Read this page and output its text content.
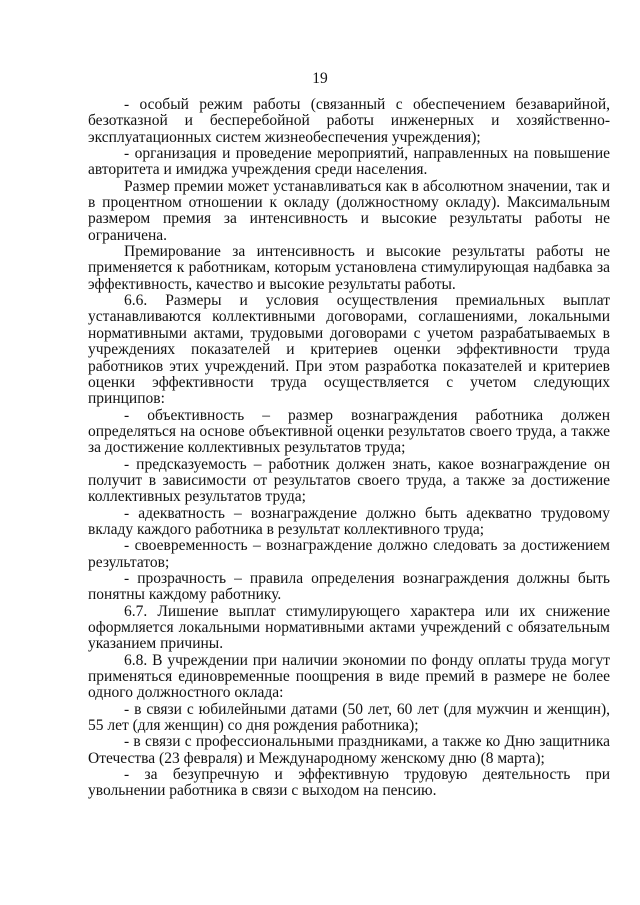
19

- особый режим работы (связанный с обеспечением безаварийной, безотказной и бесперебойной работы инженерных и хозяйственно-эксплуатационных систем жизнеобеспечения учреждения);

- организация и проведение мероприятий, направленных на повышение авторитета и имиджа учреждения среди населения.

Размер премии может устанавливаться как в абсолютном значении, так и в процентном отношении к окладу (должностному окладу). Максимальным размером премия за интенсивность и высокие результаты работы не ограничена.

Премирование за интенсивность и высокие результаты работы не применяется к работникам, которым установлена стимулирующая надбавка за эффективность, качество и высокие результаты работы.

6.6. Размеры и условия осуществления премиальных выплат устанавливаются коллективными договорами, соглашениями, локальными нормативными актами, трудовыми договорами с учетом разрабатываемых в учреждениях показателей и критериев оценки эффективности труда работников этих учреждений. При этом разработка показателей и критериев оценки эффективности труда осуществляется с учетом следующих принципов:

- объективность – размер вознаграждения работника должен определяться на основе объективной оценки результатов своего труда, а также за достижение коллективных результатов труда;

- предсказуемость – работник должен знать, какое вознаграждение он получит в зависимости от результатов своего труда, а также за достижение коллективных результатов труда;

- адекватность – вознаграждение должно быть адекватно трудовому вкладу каждого работника в результат коллективного труда;

- своевременность – вознаграждение должно следовать за достижением результатов;

- прозрачность – правила определения вознаграждения должны быть понятны каждому работнику.

6.7. Лишение выплат стимулирующего характера или их снижение оформляется локальными нормативными актами учреждений с обязательным указанием причины.

6.8. В учреждении при наличии экономии по фонду оплаты труда могут применяться единовременные поощрения в виде премий в размере не более одного должностного оклада:

- в связи с юбилейными датами (50 лет, 60 лет (для мужчин и женщин), 55 лет (для женщин) со дня рождения работника);

- в связи с профессиональными праздниками, а также ко Дню защитника Отечества (23 февраля) и Международному женскому дню (8 марта);

- за безупречную и эффективную трудовую деятельность при увольнении работника в связи с выходом на пенсию.
